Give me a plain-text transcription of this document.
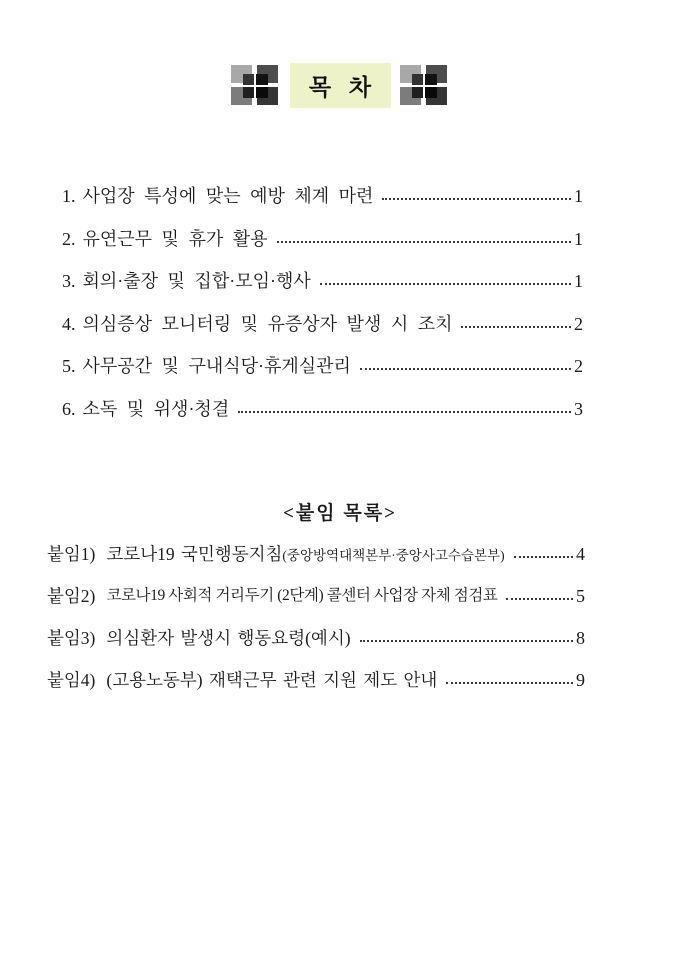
목 차
1. 사업장 특성에 맞는 예방 체계 마련	1
2. 유연근무 및 휴가 활용	1
3. 회의·출장 및 집합·모임·행사	1
4. 의심증상 모니터링 및 유증상자 발생 시 조치	2
5. 사무공간 및 구내식당·휴게실관리	2
6. 소독 및 위생·청결	3
<붙임 목록>
붙임1) 코로나19 국민행동지침 (중앙방역대책본부·중앙사고수습본부)	4
붙임2) 코로나19 사회적 거리두기 (2단계) 콜센터 사업장 자체 점검표	5
붙임3) 의심환자 발생시 행동요령(예시)	8
붙임4) (고용노동부) 재택근무 관련 지원 제도 안내	9
